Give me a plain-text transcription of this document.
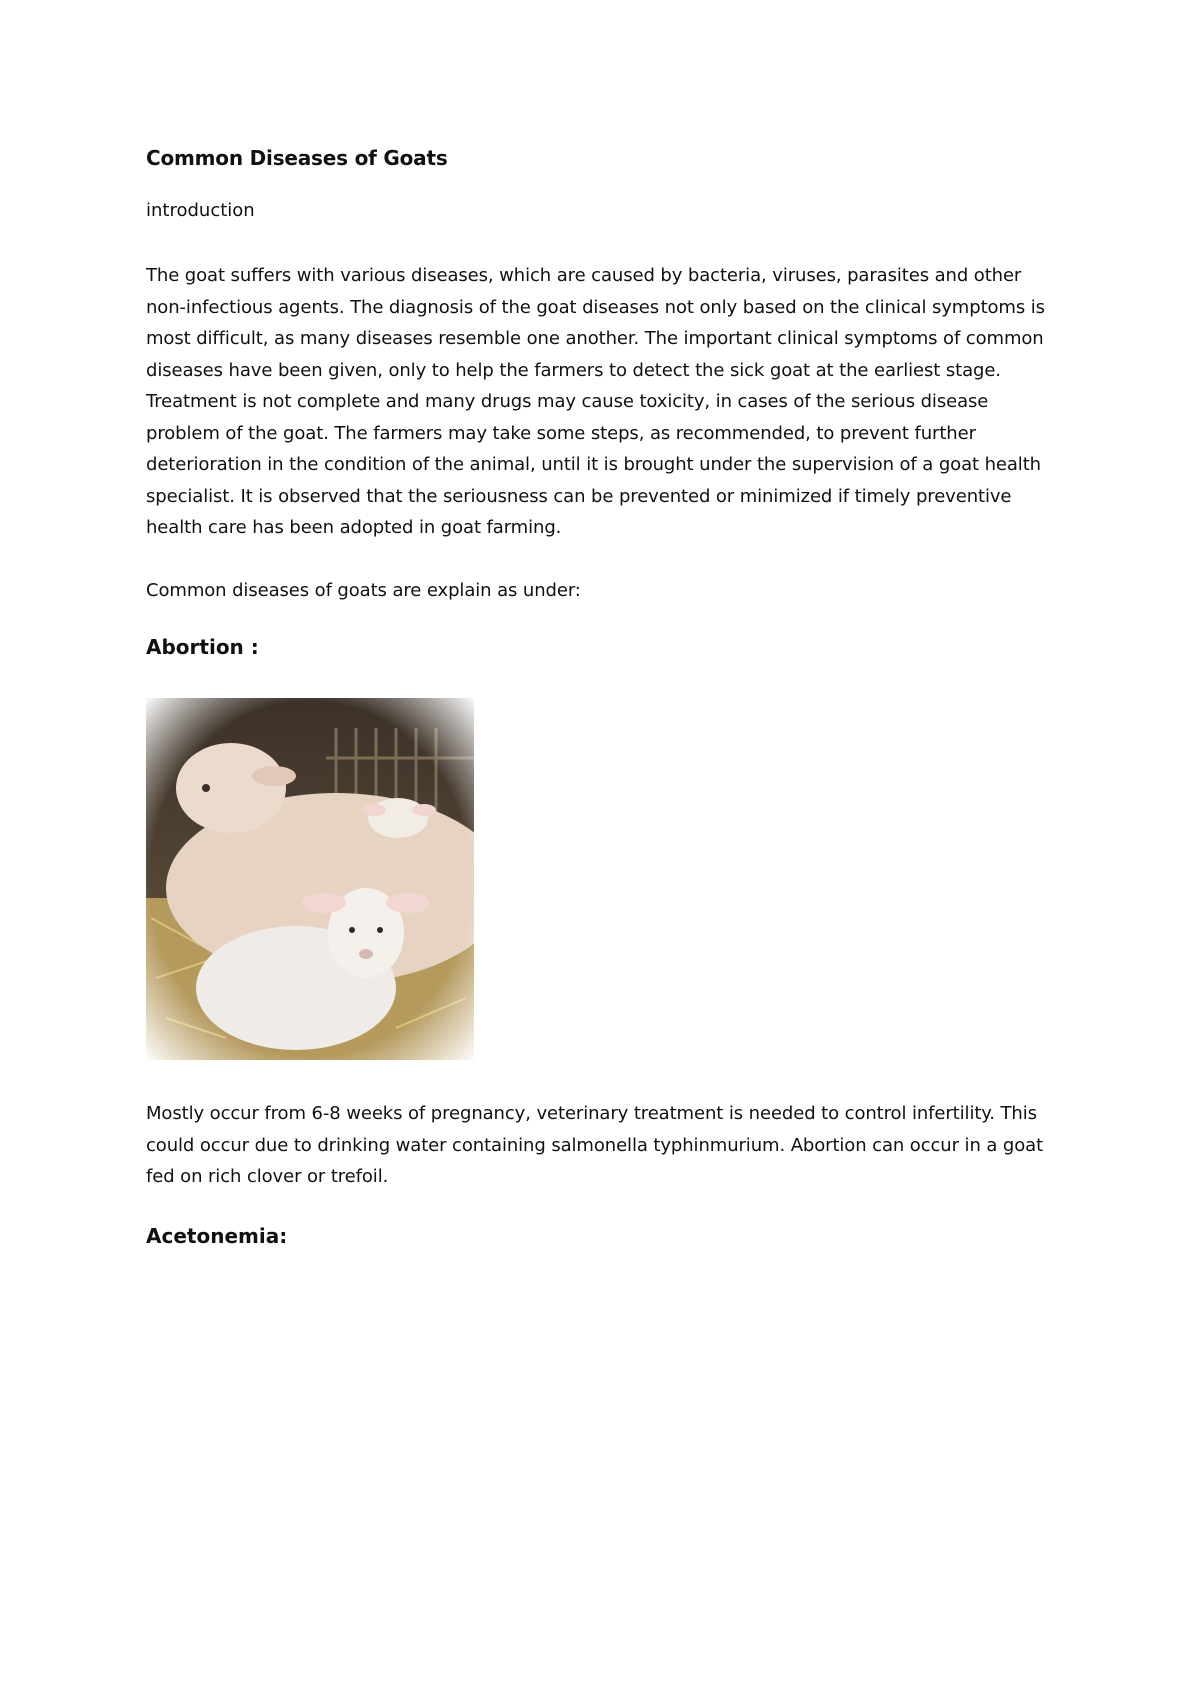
Common Diseases of Goats
introduction

The goat suffers with various diseases, which are caused by bacteria, viruses, parasites and other non-infectious agents. The diagnosis of the goat diseases not only based on the clinical symptoms is most difficult, as many diseases resemble one another. The important clinical symptoms of common diseases have been given, only to help the farmers to detect the sick goat at the earliest stage. Treatment is not complete and many drugs may cause toxicity, in cases of the serious disease problem of the goat. The farmers may take some steps, as recommended, to prevent further deterioration in the condition of the animal, until it is brought under the supervision of a goat health specialist. It is observed that the seriousness can be prevented or minimized if timely preventive health care has been adopted in goat farming.

Common diseases of goats are explain as under:

Abortion :

Mostly occur from 6-8 weeks of pregnancy, veterinary treatment is needed to control infertility. This could occur due to drinking water containing salmonella typhinmurium. Abortion can occur in a goat fed on rich clover or trefoil.

Acetonemia:
